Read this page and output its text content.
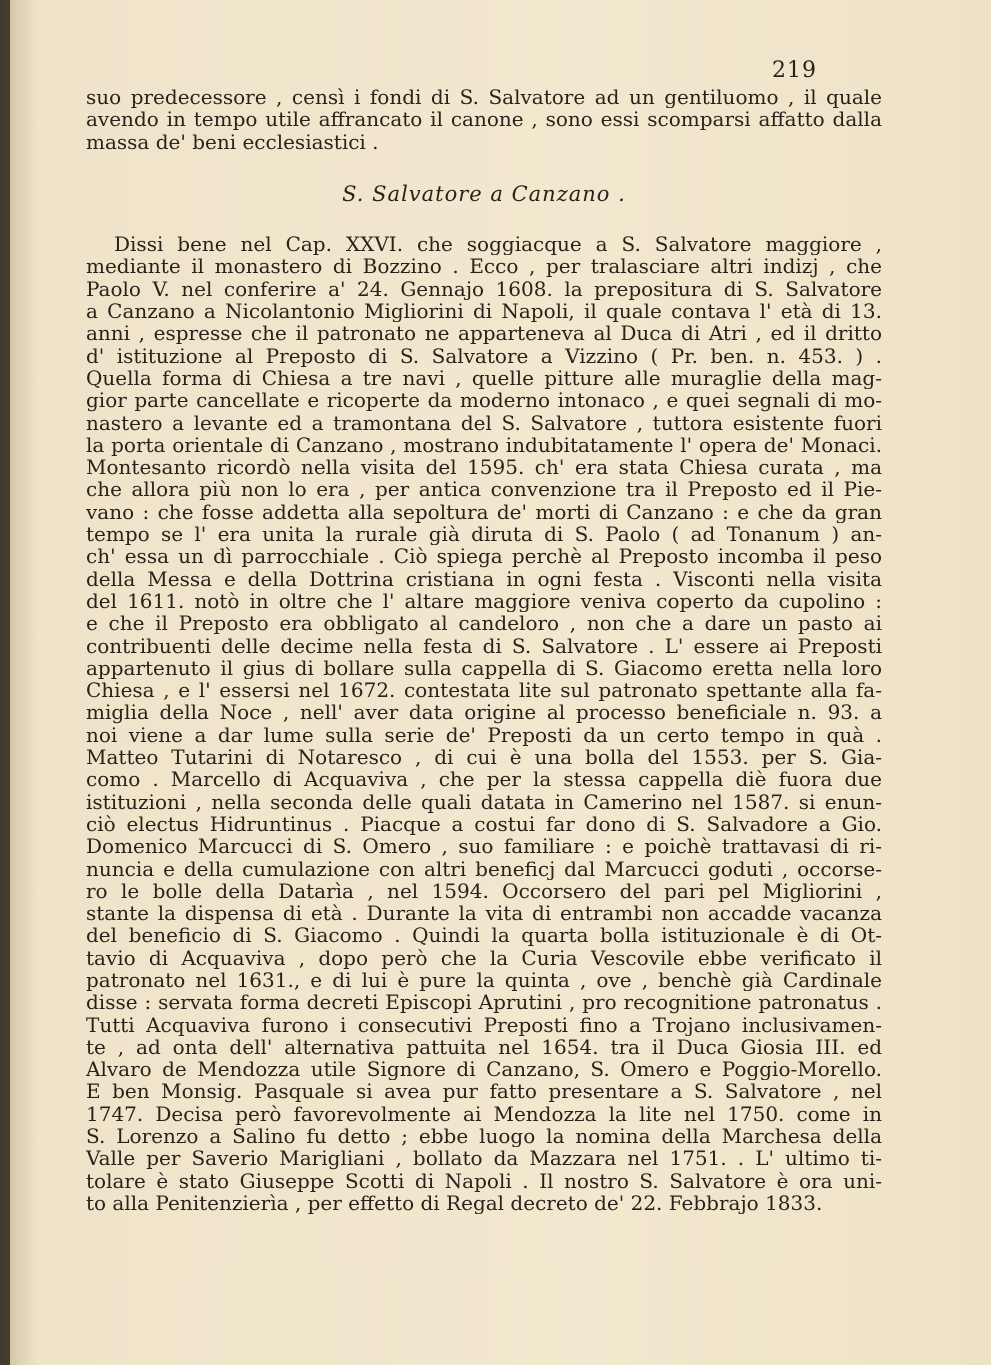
219
suo predecessore , censì i fondi di S. Salvatore ad un gentiluomo , il quale
avendo in tempo utile affrancato il canone , sono essi scomparsi affatto dalla
massa de' beni ecclesiastici .
S. Salvatore a Canzano .
Dissi bene nel Cap. XXVI. che soggiacque a S. Salvatore maggiore ,
mediante il monastero di Bozzino . Ecco , per tralasciare altri indizj , che
Paolo V. nel conferire a' 24. Gennajo 1608. la prepositura di S. Salvatore
a Canzano a Nicolantonio Migliorini di Napoli, il quale contava l' età di 13.
anni , espresse che il patronato ne apparteneva al Duca di Atri , ed il dritto
d' istituzione al Preposto di S. Salvatore a Vizzino ( Pr. ben. n. 453. ) .
Quella forma di Chiesa a tre navi , quelle pitture alle muraglie della mag-
gior parte cancellate e ricoperte da moderno intonaco , e quei segnali di mo-
nastero a levante ed a tramontana del S. Salvatore , tuttora esistente fuori
la porta orientale di Canzano , mostrano indubitatamente l' opera de' Monaci.
Montesanto ricordò nella visita del 1595. ch' era stata Chiesa curata , ma
che allora più non lo era , per antica convenzione tra il Preposto ed il Pie-
vano : che fosse addetta alla sepoltura de' morti di Canzano : e che da gran
tempo se l' era unita la rurale già diruta di S. Paolo ( ad Tonanum ) an-
ch' essa un dì parrocchiale . Ciò spiega perchè al Preposto incomba il peso
della Messa e della Dottrina cristiana in ogni festa . Visconti nella visita
del 1611. notò in oltre che l' altare maggiore veniva coperto da cupolino :
e che il Preposto era obbligato al candeloro , non che a dare un pasto ai
contribuenti delle decime nella festa di S. Salvatore . L' essere ai Preposti
appartenuto il gius di bollare sulla cappella di S. Giacomo eretta nella loro
Chiesa , e l' essersi nel 1672. contestata lite sul patronato spettante alla fa-
miglia della Noce , nell' aver data origine al processo beneficiale n. 93. a
noi viene a dar lume sulla serie de' Preposti da un certo tempo in quà .
Matteo Tutarini di Notaresco , di cui è una bolla del 1553. per S. Gia-
como . Marcello di Acquaviva , che per la stessa cappella diè fuora due
istituzioni , nella seconda delle quali datata in Camerino nel 1587. si enun-
ciò electus Hidruntinus . Piacque a costui far dono di S. Salvadore a Gio.
Domenico Marcucci di S. Omero , suo familiare : e poichè trattavasi di ri-
nuncia e della cumulazione con altri beneficj dal Marcucci goduti , occorse-
ro le bolle della Datarìa , nel 1594. Occorsero del pari pel Migliorini ,
stante la dispensa di età . Durante la vita di entrambi non accadde vacanza
del beneficio di S. Giacomo . Quindi la quarta bolla istituzionale è di Ot-
tavio di Acquaviva , dopo però che la Curia Vescovile ebbe verificato il
patronato nel 1631., e di lui è pure la quinta , ove , benchè già Cardinale
disse : servata forma decreti Episcopi Aprutini , pro recognitione patronatus .
Tutti Acquaviva furono i consecutivi Preposti fino a Trojano inclusivamen-
te , ad onta dell' alternativa pattuita nel 1654. tra il Duca Giosia III. ed
Alvaro de Mendozza utile Signore di Canzano, S. Omero e Poggio-Morello.
E ben Monsig. Pasquale si avea pur fatto presentare a S. Salvatore , nel
1747. Decisa però favorevolmente ai Mendozza la lite nel 1750. come in
S. Lorenzo a Salino fu detto ; ebbe luogo la nomina della Marchesa della
Valle per Saverio Marigliani , bollato da Mazzara nel 1751. . L' ultimo ti-
tolare è stato Giuseppe Scotti di Napoli . Il nostro S. Salvatore è ora uni-
to alla Penitenzierìa , per effetto di Regal decreto de' 22. Febbrajo 1833.
